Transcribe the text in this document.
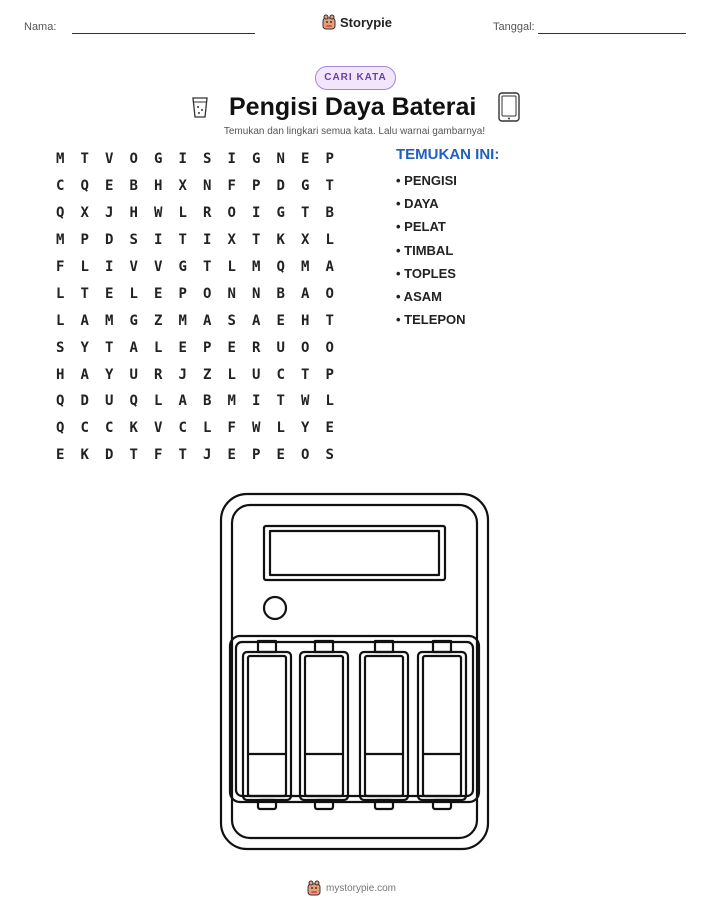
Nama:	Storypie	Tanggal:
CARI KATA
Pengisi Daya Baterai
Temukan dan lingkari semua kata. Lalu warnai gambarnya!
M	T	V	O	G	I	S	I	G	N	E	P
C	Q	E	B	H	X	N	F	P	D	G	T
Q	X	J	H	W	L	R	O	I	G	T	B
M	P	D	S	I	T	I	X	T	K	X	L
F	L	I	V	V	G	T	L	M	Q	M	A
L	T	E	L	E	P	O	N	N	B	A	O
L	A	M	G	Z	M	A	S	A	E	H	T
S	Y	T	A	L	E	P	E	R	U	O	O
H	A	Y	U	R	J	Z	L	U	C	T	P
Q	D	U	Q	L	A	B	M	I	T	W	L
Q	C	C	K	V	C	L	F	W	L	Y	E
E	K	D	T	F	T	J	E	P	E	O	S
TEMUKAN INI:
• PENGISI
• DAYA
• PELAT
• TIMBAL
• TOPLES
• ASAM
• TELEPON
mystorypie.com
